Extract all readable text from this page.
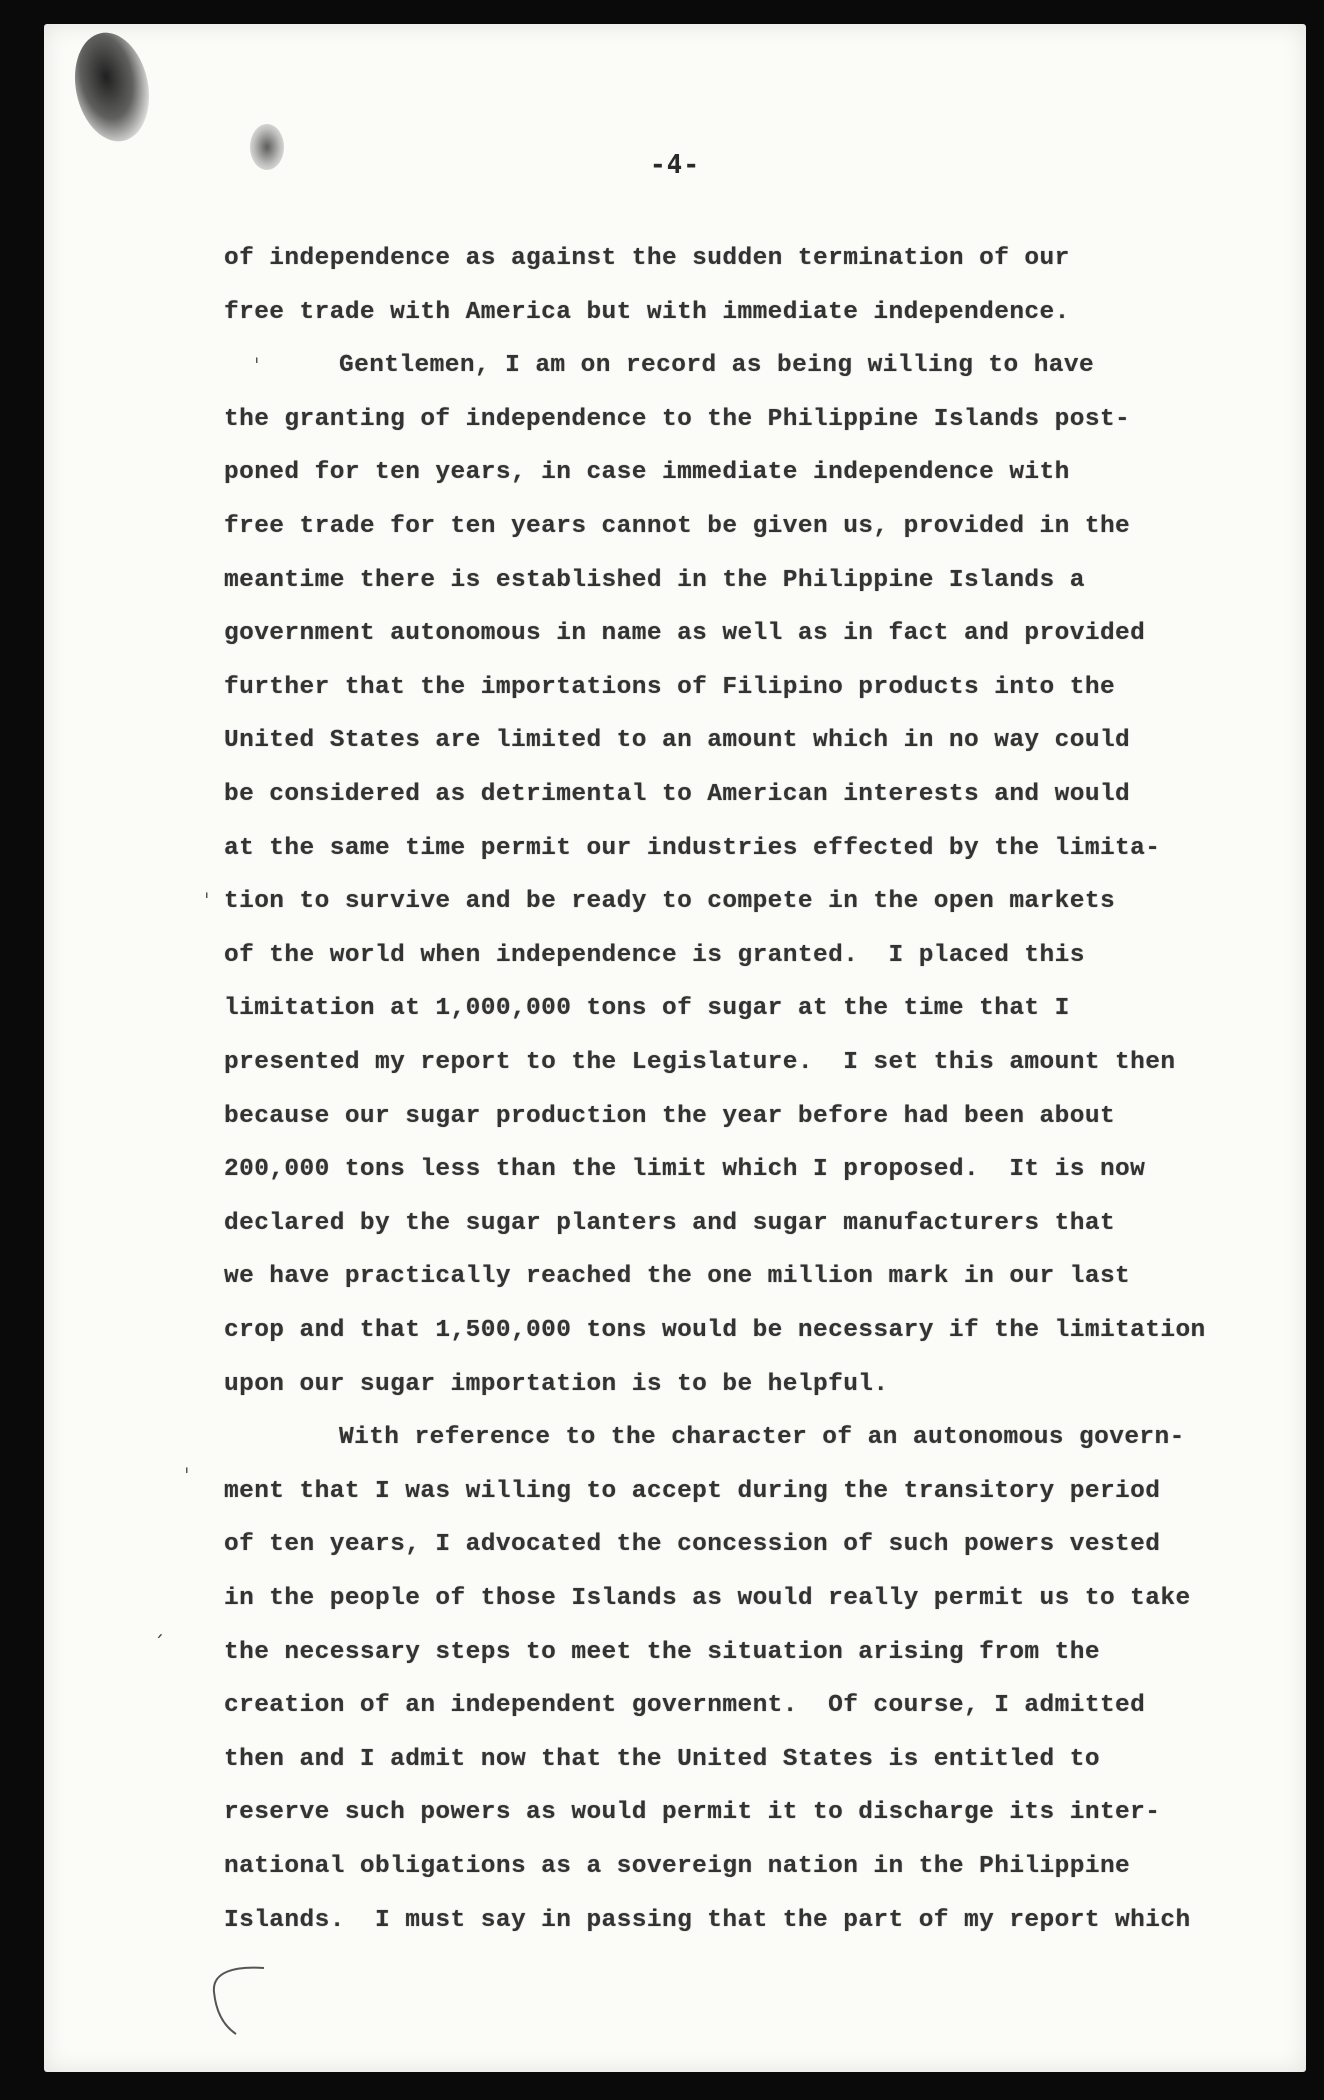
-4-
of independence as against the sudden termination of our
free trade with America but with immediate independence.
Gentlemen, I am on record as being willing to have
the granting of independence to the Philippine Islands post-
poned for ten years, in case immediate independence with
free trade for ten years cannot be given us, provided in the
meantime there is established in the Philippine Islands a
government autonomous in name as well as in fact and provided
further that the importations of Filipino products into the
United States are limited to an amount which in no way could
be considered as detrimental to American interests and would
at the same time permit our industries effected by the limita-
tion to survive and be ready to compete in the open markets
of the world when independence is granted.  I placed this
limitation at 1,000,000 tons of sugar at the time that I
presented my report to the Legislature.  I set this amount then
because our sugar production the year before had been about
200,000 tons less than the limit which I proposed.  It is now
declared by the sugar planters and sugar manufacturers that
we have practically reached the one million mark in our last
crop and that 1,500,000 tons would be necessary if the limitation
upon our sugar importation is to be helpful.
With reference to the character of an autonomous govern-
ment that I was willing to accept during the transitory period
of ten years, I advocated the concession of such powers vested
in the people of those Islands as would really permit us to take
the necessary steps to meet the situation arising from the
creation of an independent government.  Of course, I admitted
then and I admit now that the United States is entitled to
reserve such powers as would permit it to discharge its inter-
national obligations as a sovereign nation in the Philippine
Islands.  I must say in passing that the part of my report which
ˈ
ˈ
ˈ
ˏ
